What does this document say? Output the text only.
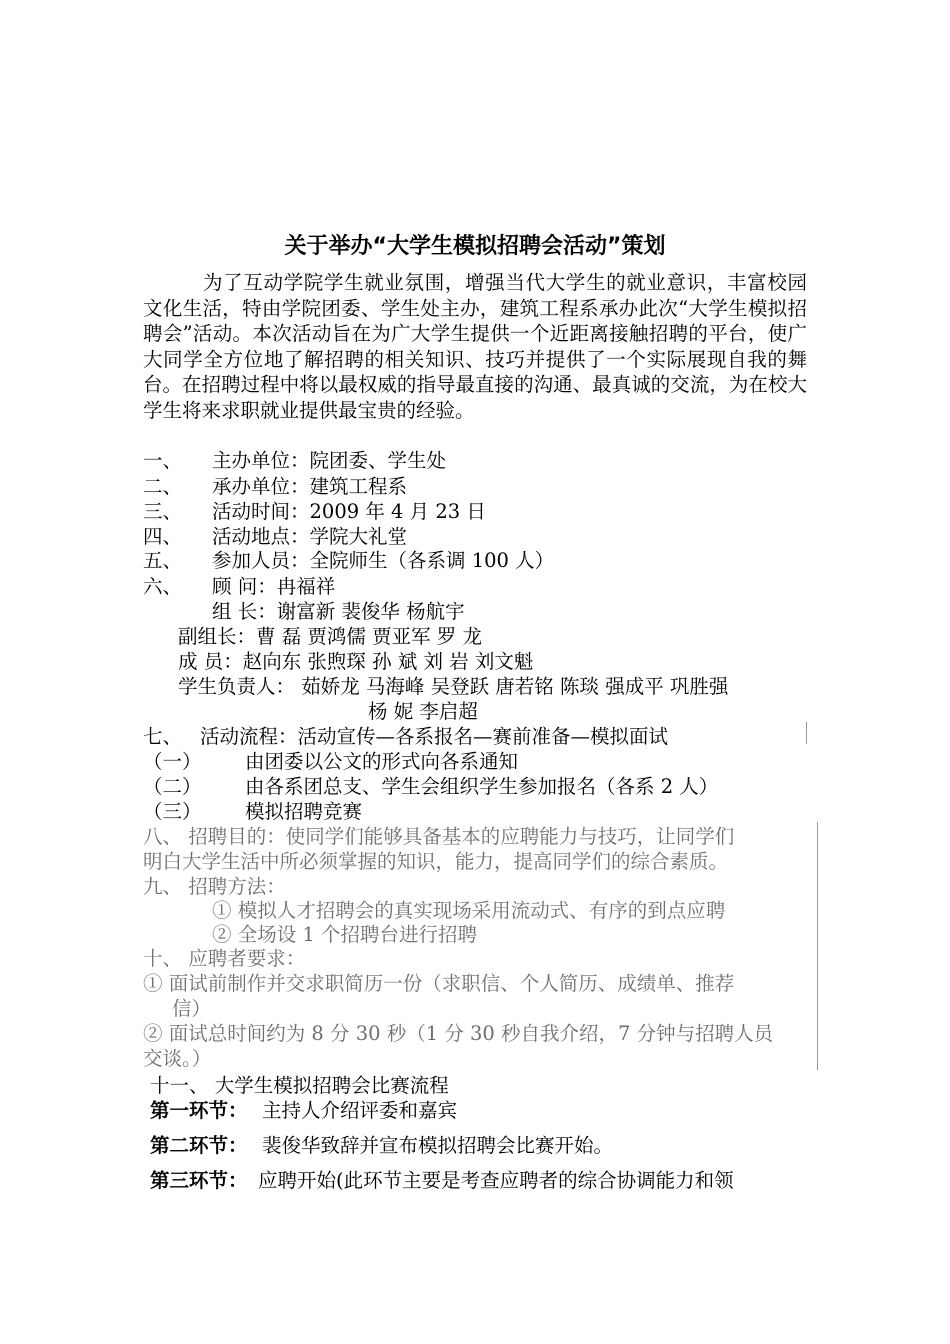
关于举办“大学生模拟招聘会活动”策划
为了互动学院学生就业氛围，增强当代大学生的就业意识，丰富校园文化生活，特由学院团委、学生处主办，建筑工程系承办此次“大学生模拟招聘会”活动。本次活动旨在为广大学生提供一个近距离接触招聘的平台，使广大同学全方位地了解招聘的相关知识、技巧并提供了一个实际展现自我的舞台。在招聘过程中将以最权威的指导最直接的沟通、最真诚的交流，为在校大学生将来求职就业提供最宝贵的经验。
一、 主办单位：院团委、学生处
二、 承办单位：建筑工程系
三、 活动时间：2009 年 4 月 23 日
四、 活动地点：学院大礼堂
五、 参加人员：全院师生（各系调 100 人）
六、 顾 问：冉福祥
组 长：谢富新 裴俊华 杨航宇
副组长：曹 磊 贾鸿儒 贾亚军 罗 龙
成 员：赵向东 张煦琛 孙 斌 刘 岩 刘文魁
学生负责人： 茹娇龙 马海峰 吴登跃 唐若铭 陈琰 强成平 巩胜强
杨 妮 李启超
七、 活动流程：活动宣传—各系报名—赛前准备—模拟面试
（一） 由团委以公文的形式向各系通知
（二） 由各系团总支、学生会组织学生参加报名（各系 2 人）
（三） 模拟招聘竞赛
八、 招聘目的：使同学们能够具备基本的应聘能力与技巧，让同学们
明白大学生活中所必须掌握的知识，能力，提高同学们的综合素质。
九、 招聘方法：
① 模拟人才招聘会的真实现场采用流动式、有序的到点应聘
② 全场设 1 个招聘台进行招聘
十、 应聘者要求：
① 面试前制作并交求职简历一份（求职信、个人简历、成绩单、推荐
信）
② 面试总时间约为 8 分 30 秒（1 分 30 秒自我介绍，7 分钟与招聘人员
交谈。）
十一、 大学生模拟招聘会比赛流程
第一环节： 主持人介绍评委和嘉宾
第二环节： 裴俊华致辞并宣布模拟招聘会比赛开始。
第三环节： 应聘开始(此环节主要是考查应聘者的综合协调能力和领
